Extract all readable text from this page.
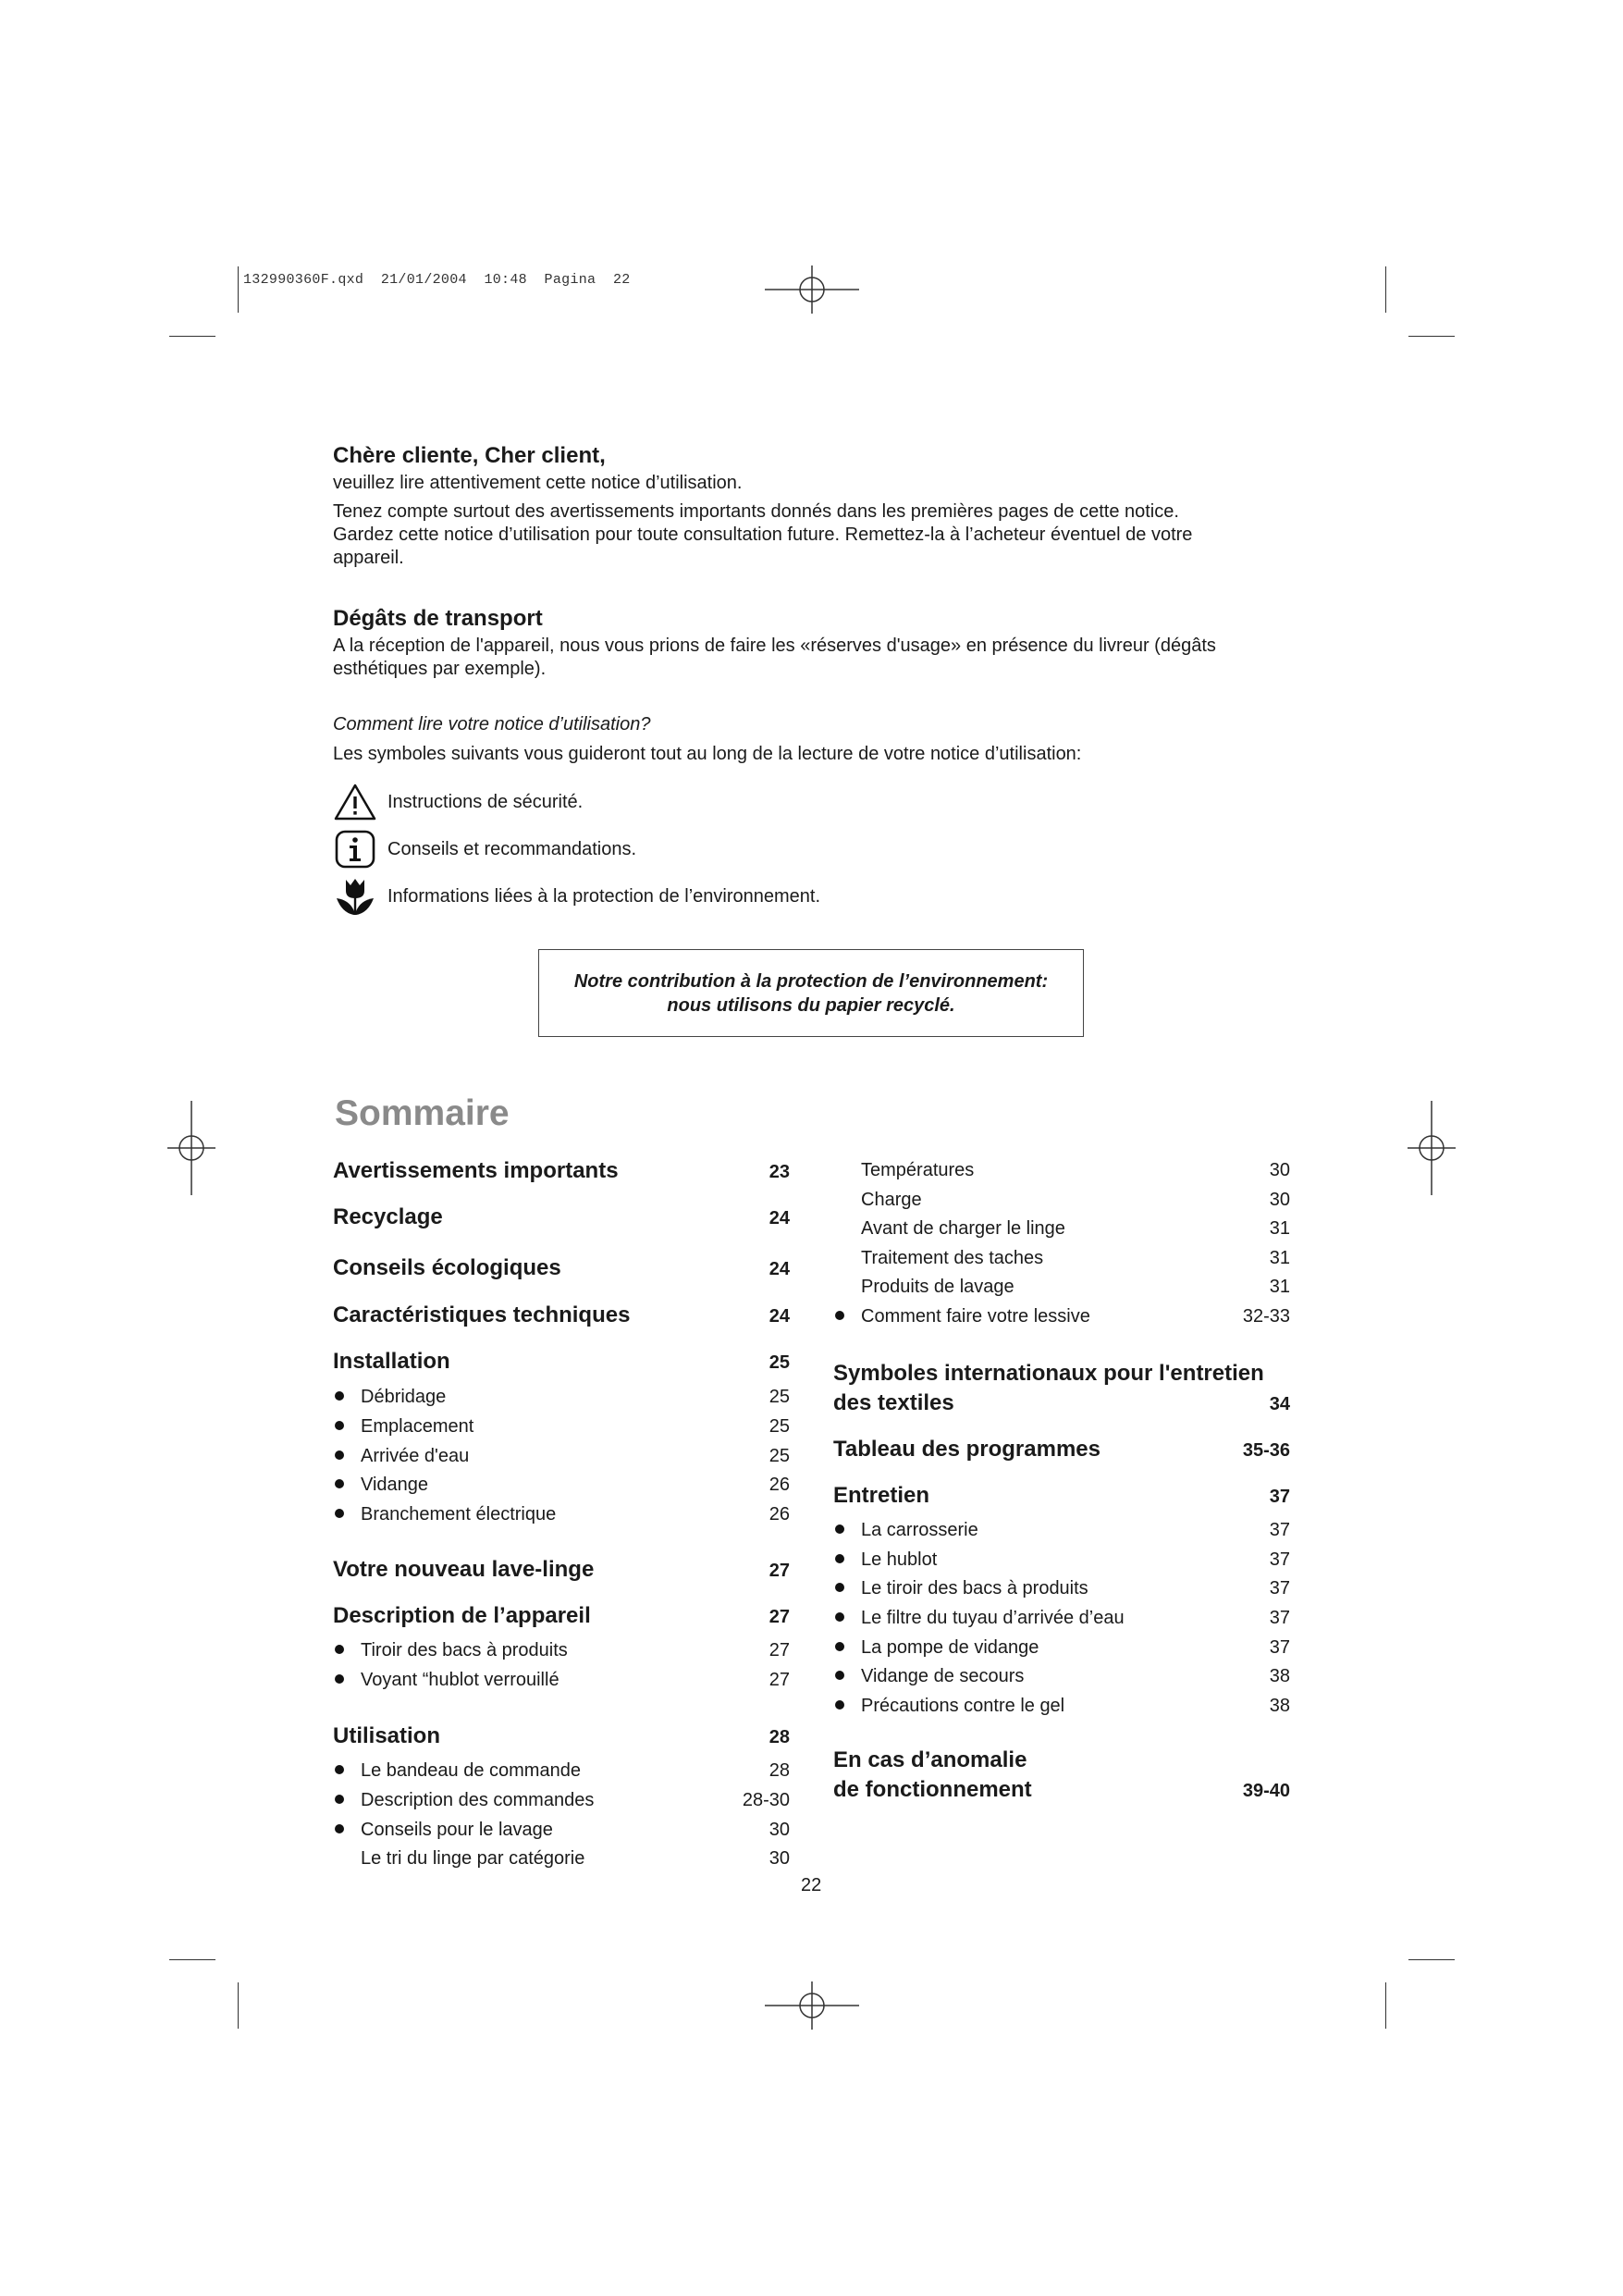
132990360F.qxd  21/01/2004  10:48  Pagina  22
Chère cliente, Cher client,

veuillez lire attentivement cette notice d’utilisation.

Tenez compte surtout des avertissements importants donnés dans les premières pages de cette notice.

Gardez cette notice d’utilisation pour toute consultation future. Remettez-la à l’acheteur éventuel de votre

appareil.

Dégâts de transport

A la réception de l'appareil, nous vous prions de faire les «réserves d'usage» en présence du livreur (dégâts

esthétiques par exemple).

Comment lire votre notice d’utilisation?

Les symboles suivants vous guideront tout au long de la lecture de votre notice d’utilisation:

Instructions de sécurité.
Conseils et recommandations.
Informations liées à la protection de l’environnement.
Notre contribution à la protection de l’environnement:
nous utilisons du papier recyclé.
Sommaire
Avertissements importants	23
Recyclage	24
Conseils écologiques	24
Caractéristiques techniques	24
Installation	25
Débridage	25
Emplacement	25
Arrivée d'eau	25
Vidange	26
Branchement électrique	26
Votre nouveau lave-linge	27
Description de l’appareil	27
Tiroir des bacs à produits	27
Voyant “hublot verrouillé	27
Utilisation	28
Le bandeau de commande	28
Description des commandes	28-30
Conseils pour le lavage	30
Le tri du linge par catégorie	30
Températures	30
Charge	30
Avant de charger le linge	31
Traitement des taches	31
Produits de lavage	31
Comment faire votre lessive	32-33
Symboles internationaux pour l'entretien
des textiles	34
Tableau des programmes	35-36
Entretien	37
La carrosserie	37
Le hublot	37
Le tiroir des bacs à produits	37
Le filtre du tuyau d’arrivée d’eau	37
La pompe de vidange	37
Vidange de secours	38
Précautions contre le gel	38
En cas d’anomalie
de fonctionnement	39-40
22
